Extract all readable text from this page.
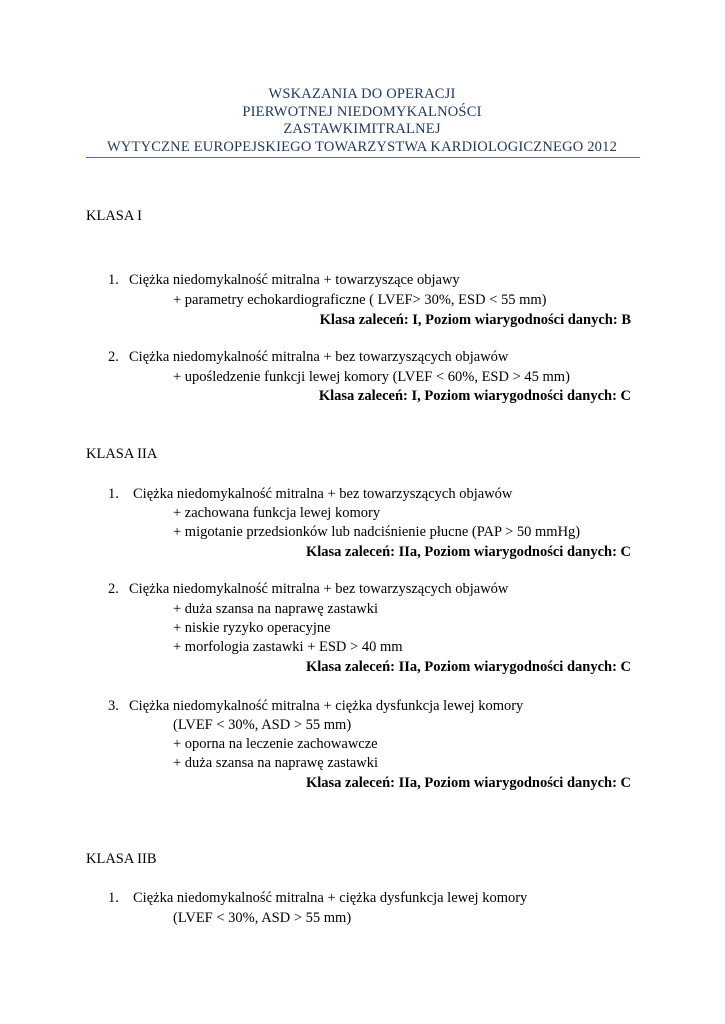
WSKAZANIA DO OPERACJI
PIERWOTNEJ NIEDOMYKALNOŚCI
ZASTAWKIMITRALNEJ
WYTYCZNE EUROPEJSKIEGO TOWARZYSTWA KARDIOLOGICZNEGO 2012
KLASA I
1. Ciężka niedomykalność mitralna + towarzyszące objawy
+ parametry echokardiograficzne ( LVEF> 30%, ESD < 55 mm)
Klasa zaleceń: I, Poziom wiarygodności danych: B
2. Ciężka niedomykalność mitralna + bez towarzyszących objawów
+ upośledzenie funkcji lewej komory (LVEF < 60%, ESD > 45 mm)
Klasa zaleceń: I, Poziom wiarygodności danych: C
KLASA IIA
1. Ciężka niedomykalność mitralna + bez towarzyszących objawów
+ zachowana funkcja lewej komory
+ migotanie przedsionków lub nadciśnienie płucne (PAP > 50 mmHg)
Klasa zaleceń: IIa, Poziom wiarygodności danych: C
2. Ciężka niedomykalność mitralna + bez towarzyszących objawów
+ duża szansa na naprawę zastawki
+ niskie ryzyko operacyjne
+ morfologia zastawki + ESD > 40 mm
Klasa zaleceń: IIa, Poziom wiarygodności danych: C
3. Ciężka niedomykalność mitralna + ciężka dysfunkcja lewej komory
(LVEF < 30%, ASD > 55 mm)
+ oporna na leczenie zachowawcze
+ duża szansa na naprawę zastawki
Klasa zaleceń: IIa, Poziom wiarygodności danych: C
KLASA IIB
1. Ciężka niedomykalność mitralna + ciężka dysfunkcja lewej komory
(LVEF < 30%, ASD > 55 mm)
